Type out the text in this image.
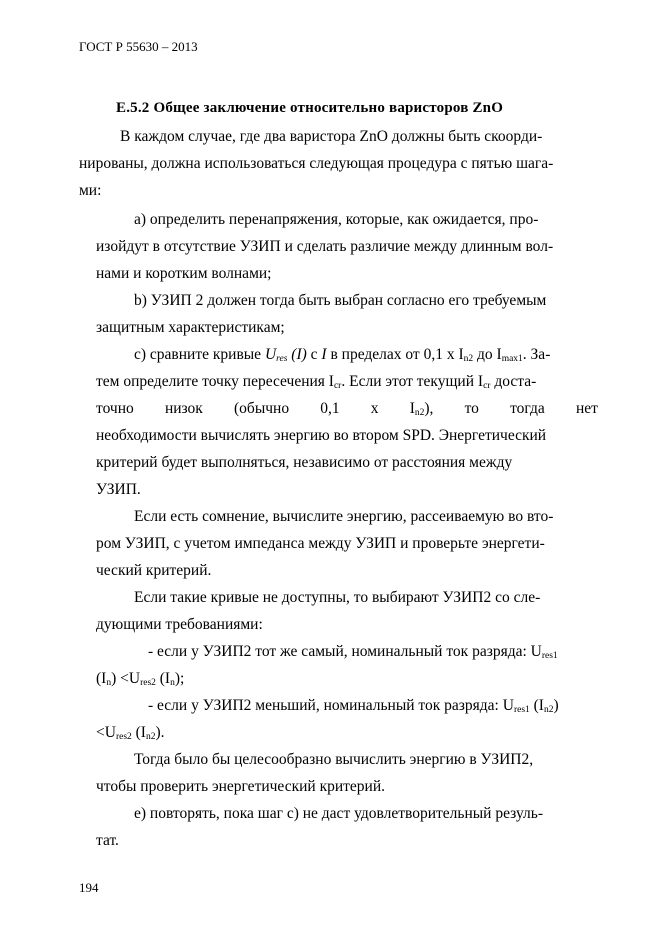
ГОСТ Р 55630 – 2013
Е.5.2 Общее заключение относительно варисторов ZnO
В каждом случае, где два варистора ZnO должны быть скоорди-
нированы, должна использоваться следующая процедура с пятью шага-
ми:
а) определить перенапряжения, которые, как ожидается, про-
изойдут в отсутствие УЗИП и сделать различие между длинным вол-
нами и коротким волнами;
b) УЗИП 2 должен тогда быть выбран согласно его требуемым
защитным характеристикам;
с) сравните кривые $U_{res}$ (I) с I в пределах от 0,1 x $I_{n2}$ до $I_{max1}$. За-
тем определите точку пересечения $I_{cr}$. Если этот текущий $I_{cr}$ доста-
точно низок (обычно 0,1 x $I_{n2}$), то тогда нет
необходимости вычислять энергию во втором SPD. Энергетический
критерий будет выполняться, независимо от расстояния между
УЗИП.
Если есть сомнение, вычислите энергию, рассеиваемую во вто-
ром УЗИП, с учетом импеданса между УЗИП и проверьте энергети-
ческий критерий.
Если такие кривые не доступны, то выбирают УЗИП2 со сле-
дующими требованиями:
- если у УЗИП2 тот же самый, номинальный ток разряда: $U_{res1}$
$(I_n) <U_{res2}$ $(I_n)$;
- если у УЗИП2 меньший, номинальный ток разряда: $U_{res1}$ $(I_{n2})$
$<U_{res2}$ $(I_{n2})$.
Тогда было бы целесообразно вычислить энергию в УЗИП2,
чтобы проверить энергетический критерий.
е) повторять, пока шаг с) не даст удовлетворительный резуль-
тат.
194
